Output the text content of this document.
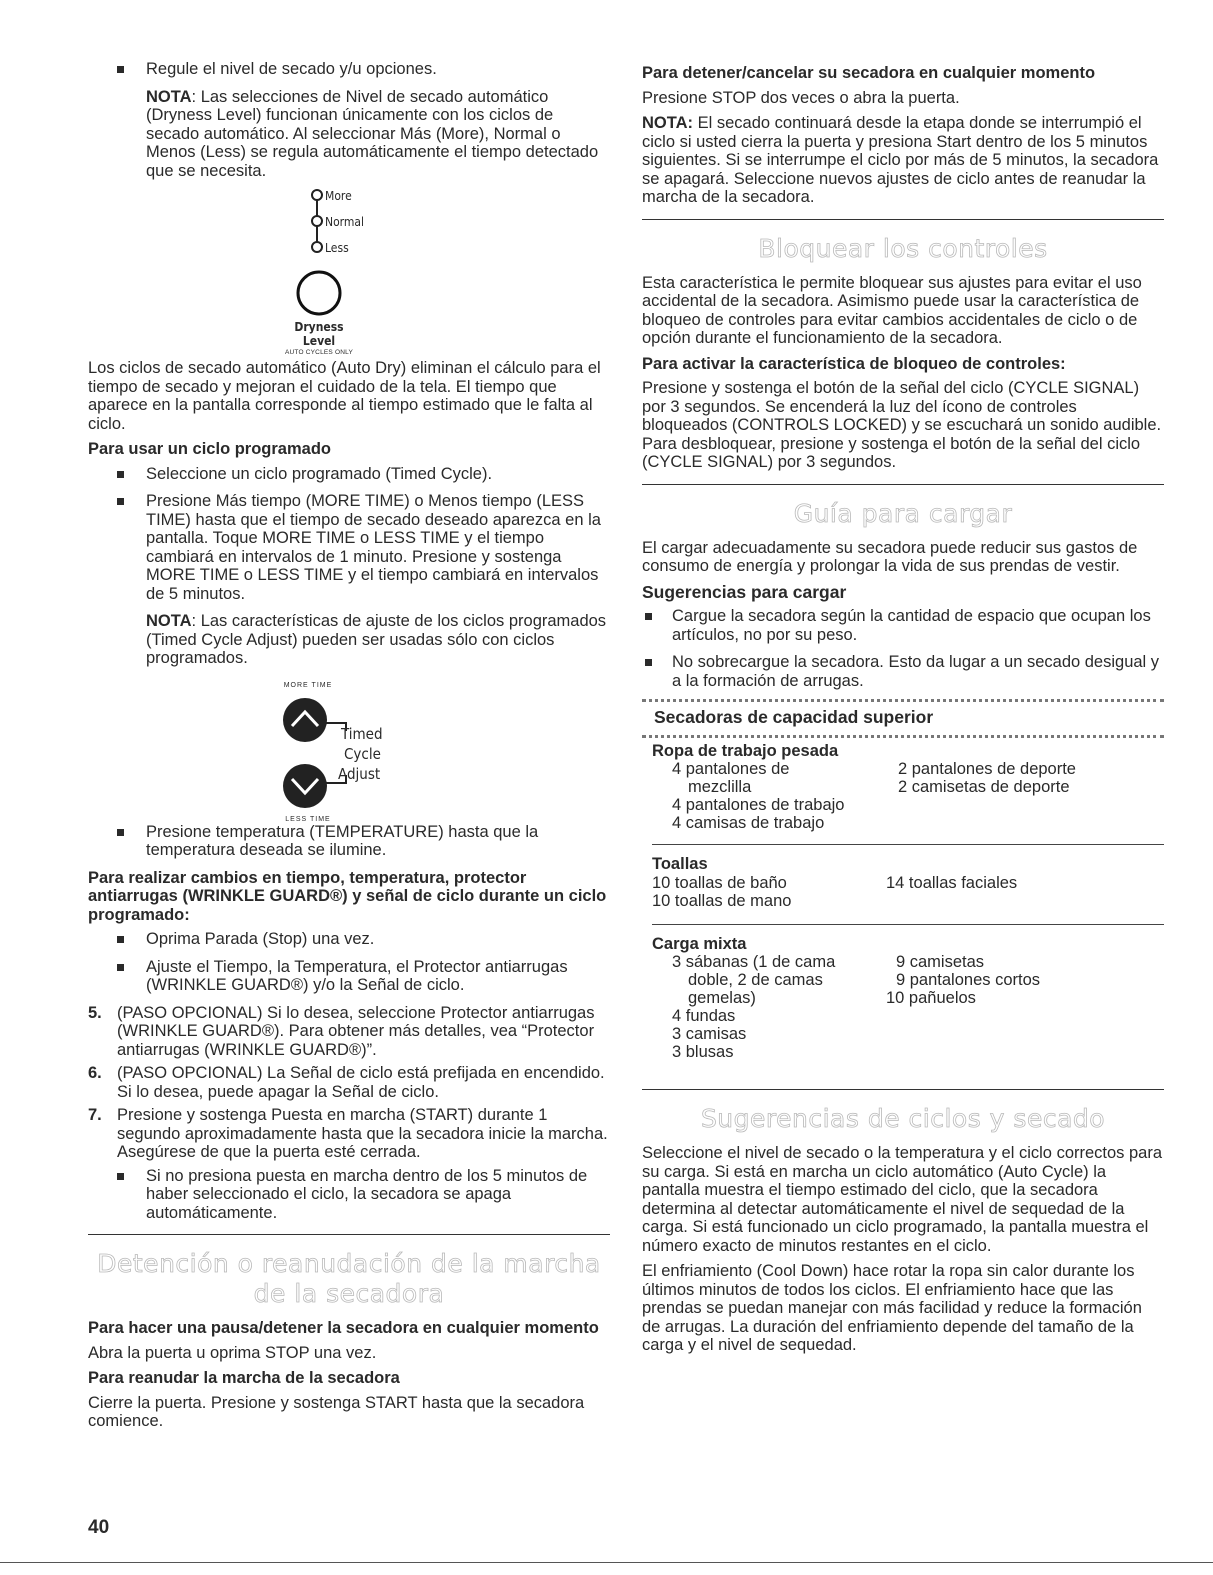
Regule el nivel de secado y/u opciones.

NOTA: Las selecciones de Nivel de secado automático (Dryness Level) funcionan únicamente con los ciclos de secado automático. Al seleccionar Más (More), Normal o Menos (Less) se regula automáticamente el tiempo detectado que se necesita.

More
Normal
Less
Dryness
Level
AUTO CYCLES ONLY

Los ciclos de secado automático (Auto Dry) eliminan el cálculo para el tiempo de secado y mejoran el cuidado de la tela. El tiempo que aparece en la pantalla corresponde al tiempo estimado que le falta al ciclo.

Para usar un ciclo programado

Seleccione un ciclo programado (Timed Cycle).

Presione Más tiempo (MORE TIME) o Menos tiempo (LESS TIME) hasta que el tiempo de secado deseado aparezca en la pantalla. Toque MORE TIME o LESS TIME y el tiempo cambiará en intervalos de 1 minuto. Presione y sostenga MORE TIME o LESS TIME y el tiempo cambiará en intervalos de 5 minutos.

NOTA: Las características de ajuste de los ciclos programados (Timed Cycle Adjust) pueden ser usadas sólo con ciclos programados.

MORE TIME
Timed
Cycle
Adjust
LESS TIME

Presione temperatura (TEMPERATURE) hasta que la temperatura deseada se ilumine.

Para realizar cambios en tiempo, temperatura, protector antiarrugas (WRINKLE GUARD®) y señal de ciclo durante un ciclo programado:

Oprima Parada (Stop) una vez.

Ajuste el Tiempo, la Temperatura, el Protector antiarrugas (WRINKLE GUARD®) y/o la Señal de ciclo.

5. (PASO OPCIONAL) Si lo desea, seleccione Protector antiarrugas (WRINKLE GUARD®). Para obtener más detalles, vea “Protector antiarrugas (WRINKLE GUARD®)”.

6. (PASO OPCIONAL) La Señal de ciclo está prefijada en encendido. Si lo desea, puede apagar la Señal de ciclo.

7. Presione y sostenga Puesta en marcha (START) durante 1 segundo aproximadamente hasta que la secadora inicie la marcha. Asegúrese de que la puerta esté cerrada.

Si no presiona puesta en marcha dentro de los 5 minutos de haber seleccionado el ciclo, la secadora se apaga automáticamente.

Detención o reanudación de la marcha de la secadora

Para hacer una pausa/detener la secadora en cualquier momento

Abra la puerta u oprima STOP una vez.

Para reanudar la marcha de la secadora

Cierre la puerta. Presione y sostenga START hasta que la secadora comience.

Para detener/cancelar su secadora en cualquier momento

Presione STOP dos veces o abra la puerta.

NOTA: El secado continuará desde la etapa donde se interrumpió el ciclo si usted cierra la puerta y presiona Start dentro de los 5 minutos siguientes. Si se interrumpe el ciclo por más de 5 minutos, la secadora se apagará. Seleccione nuevos ajustes de ciclo antes de reanudar la marcha de la secadora.

Bloquear los controles

Esta característica le permite bloquear sus ajustes para evitar el uso accidental de la secadora. Asimismo puede usar la característica de bloqueo de controles para evitar cambios accidentales de ciclo o de opción durante el funcionamiento de la secadora.

Para activar la característica de bloqueo de controles:

Presione y sostenga el botón de la señal del ciclo (CYCLE SIGNAL) por 3 segundos. Se encenderá la luz del ícono de controles bloqueados (CONTROLS LOCKED) y se escuchará un sonido audible. Para desbloquear, presione y sostenga el botón de la señal del ciclo (CYCLE SIGNAL) por 3 segundos.

Guía para cargar

El cargar adecuadamente su secadora puede reducir sus gastos de consumo de energía y prolongar la vida de sus prendas de vestir.

Sugerencias para cargar

Cargue la secadora según la cantidad de espacio que ocupan los artículos, no por su peso.

No sobrecargue la secadora. Esto da lugar a un secado desigual y a la formación de arrugas.

Secadoras de capacidad superior

Ropa de trabajo pesada

4 pantalones de
mezclilla
4 pantalones de trabajo
4 camisas de trabajo
2 pantalones de deporte
2 camisetas de deporte

Toallas

10 toallas de baño
10 toallas de mano
14 toallas faciales

Carga mixta

3 sábanas (1 de cama
doble, 2 de camas
gemelas)
4 fundas
3 camisas
3 blusas
9 camisetas
9 pantalones cortos
10 pañuelos

Sugerencias de ciclos y secado

Seleccione el nivel de secado o la temperatura y el ciclo correctos para su carga. Si está en marcha un ciclo automático (Auto Cycle) la pantalla muestra el tiempo estimado del ciclo, que la secadora determina al detectar automáticamente el nivel de sequedad de la carga. Si está funcionado un ciclo programado, la pantalla muestra el número exacto de minutos restantes en el ciclo.

El enfriamiento (Cool Down) hace rotar la ropa sin calor durante los últimos minutos de todos los ciclos. El enfriamiento hace que las prendas se puedan manejar con más facilidad y reduce la formación de arrugas. La duración del enfriamiento depende del tamaño de la carga y el nivel de sequedad.

40
